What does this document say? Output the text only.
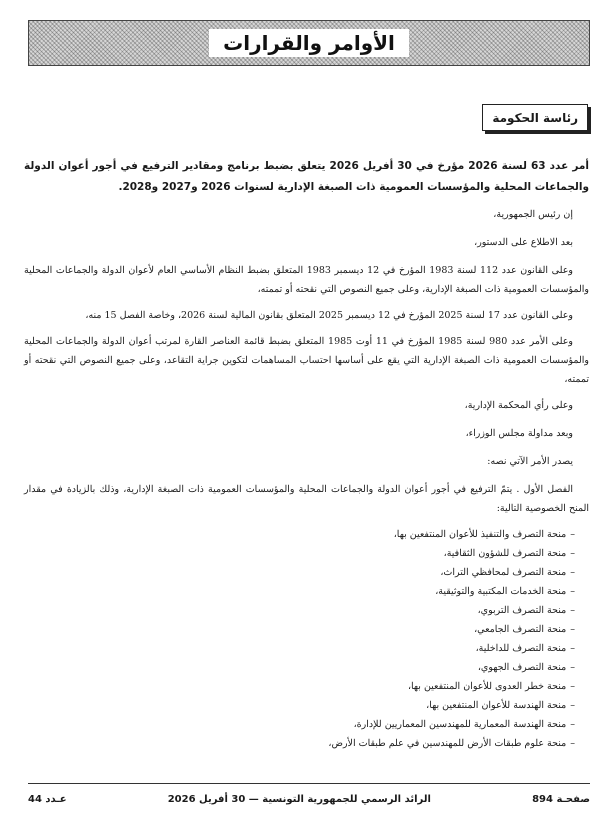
الأوامر والقرارات
رئاسة الحكومة

أمر عدد 63 لسنة 2026 مؤرخ في 30 أفريل 2026 يتعلق بضبط برنامج ومقادير الترفيع في أجور أعوان الدولة والجماعات المحلية والمؤسسات العمومية ذات الصبغة الإدارية لسنوات 2026 و2027 و2028.

إن رئيس الجمهورية،

بعد الاطلاع على الدستور،

وعلى القانون عدد 112 لسنة 1983 المؤرخ في 12 ديسمبر 1983 المتعلق بضبط النظام الأساسي العام لأعوان الدولة والجماعات المحلية والمؤسسات العمومية ذات الصبغة الإدارية، وعلى جميع النصوص التي نقحته أو تممته،

وعلى القانون عدد 17 لسنة 2025 المؤرخ في 12 ديسمبر 2025 المتعلق بقانون المالية لسنة 2026، وخاصة الفصل 15 منه،

وعلى الأمر عدد 980 لسنة 1985 المؤرخ في 11 أوت 1985 المتعلق بضبط قائمة العناصر القارة لمرتب أعوان الدولة والجماعات المحلية والمؤسسات العمومية ذات الصبغة الإدارية التي يقع على أساسها احتساب المساهمات لتكوين جراية التقاعد، وعلى جميع النصوص التي نقحته أو تممته،

وعلى رأي المحكمة الإدارية،

وبعد مداولة مجلس الوزراء،

يصدر الأمر الآتي نصه:

الفصل الأول . يتمّ الترفيع في أجور أعوان الدولة والجماعات المحلية والمؤسسات العمومية ذات الصبغة الإدارية، وذلك بالزيادة في مقدار المنح الخصوصية التالية:

–منحة التصرف والتنفيذ للأعوان المنتفعين بها،
–منحة التصرف للشؤون الثقافية،
–منحة التصرف لمحافظي التراث،
–منحة الخدمات المكتبية والتوثيقية،
–منحة التصرف التربوي،
–منحة التصرف الجامعي،
–منحة التصرف للداخلية،
–منحة التصرف الجهوي،
–منحة خطر العدوى للأعوان المنتفعين بها،
–منحة الهندسة للأعوان المنتفعين بها،
–منحة الهندسة المعمارية للمهندسين المعماريين للإدارة،
–منحة علوم طبقات الأرض للمهندسين في علم طبقات الأرض،
صفحـة 894
الرائد الرسمي للجمهورية التونسية — 30 أفريل 2026
عـدد 44
